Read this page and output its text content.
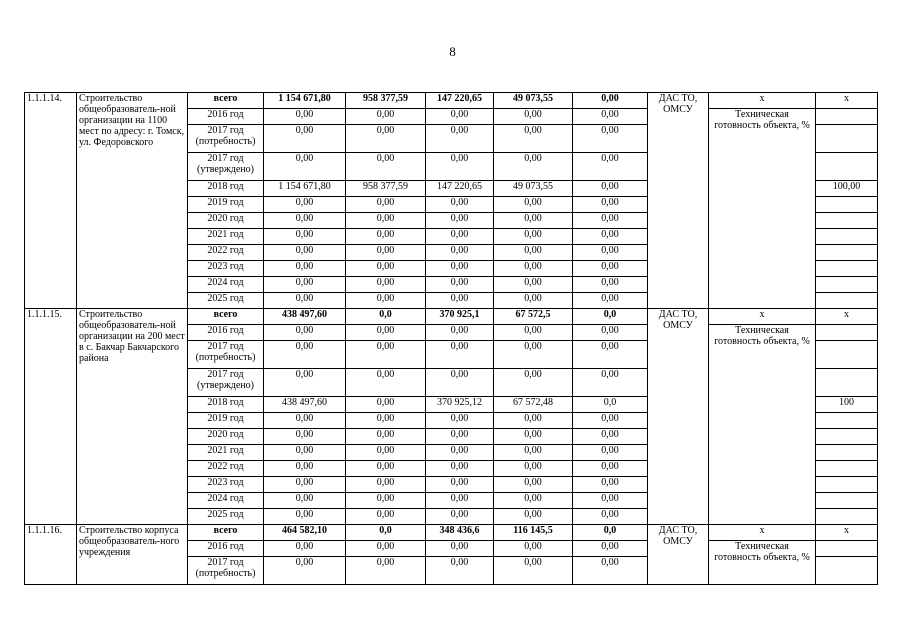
8
1.1.1.14.	Строительство общеобразователь-ной организации на 1100 мест по адресу: г. Томск, ул. Федоровского	всего	1 154 671,80	958 377,59	147 220,65	49 073,55	0,00	ДАС ТО, ОМСУ	x	x
		2016 год	0,00	0,00	0,00	0,00	0,00		Техническая готовность объекта, %	
		2017 год (потребность)	0,00	0,00	0,00	0,00	0,00			
		2017 год (утверждено)	0,00	0,00	0,00	0,00	0,00			
		2018 год	1 154 671,80	958 377,59	147 220,65	49 073,55	0,00			100,00
		2019 год	0,00	0,00	0,00	0,00	0,00			
		2020 год	0,00	0,00	0,00	0,00	0,00			
		2021 год	0,00	0,00	0,00	0,00	0,00			
		2022 год	0,00	0,00	0,00	0,00	0,00			
		2023 год	0,00	0,00	0,00	0,00	0,00			
		2024 год	0,00	0,00	0,00	0,00	0,00			
		2025 год	0,00	0,00	0,00	0,00	0,00			
1.1.1.15.	Строительство общеобразователь-ной организации на 200 мест в с. Бакчар Бакчарского района	всего	438 497,60	0,0	370 925,1	67 572,5	0,0	ДАС ТО, ОМСУ	x	x
		2016 год	0,00	0,00	0,00	0,00	0,00		Техническая готовность объекта, %	
		2017 год (потребность)	0,00	0,00	0,00	0,00	0,00			
		2017 год (утверждено)	0,00	0,00	0,00	0,00	0,00			
		2018 год	438 497,60	0,00	370 925,12	67 572,48	0,0			100
		2019 год	0,00	0,00	0,00	0,00	0,00			
		2020 год	0,00	0,00	0,00	0,00	0,00			
		2021 год	0,00	0,00	0,00	0,00	0,00			
		2022 год	0,00	0,00	0,00	0,00	0,00			
		2023 год	0,00	0,00	0,00	0,00	0,00			
		2024 год	0,00	0,00	0,00	0,00	0,00			
		2025 год	0,00	0,00	0,00	0,00	0,00			
1.1.1.16.	Строительство корпуса общеобразователь-ного учреждения	всего	464 582,10	0,0	348 436,6	116 145,5	0,0	ДАС ТО, ОМСУ	x	x
		2016 год	0,00	0,00	0,00	0,00	0,00		Техническая готовность объекта, %	
		2017 год (потребность)	0,00	0,00	0,00	0,00	0,00			
